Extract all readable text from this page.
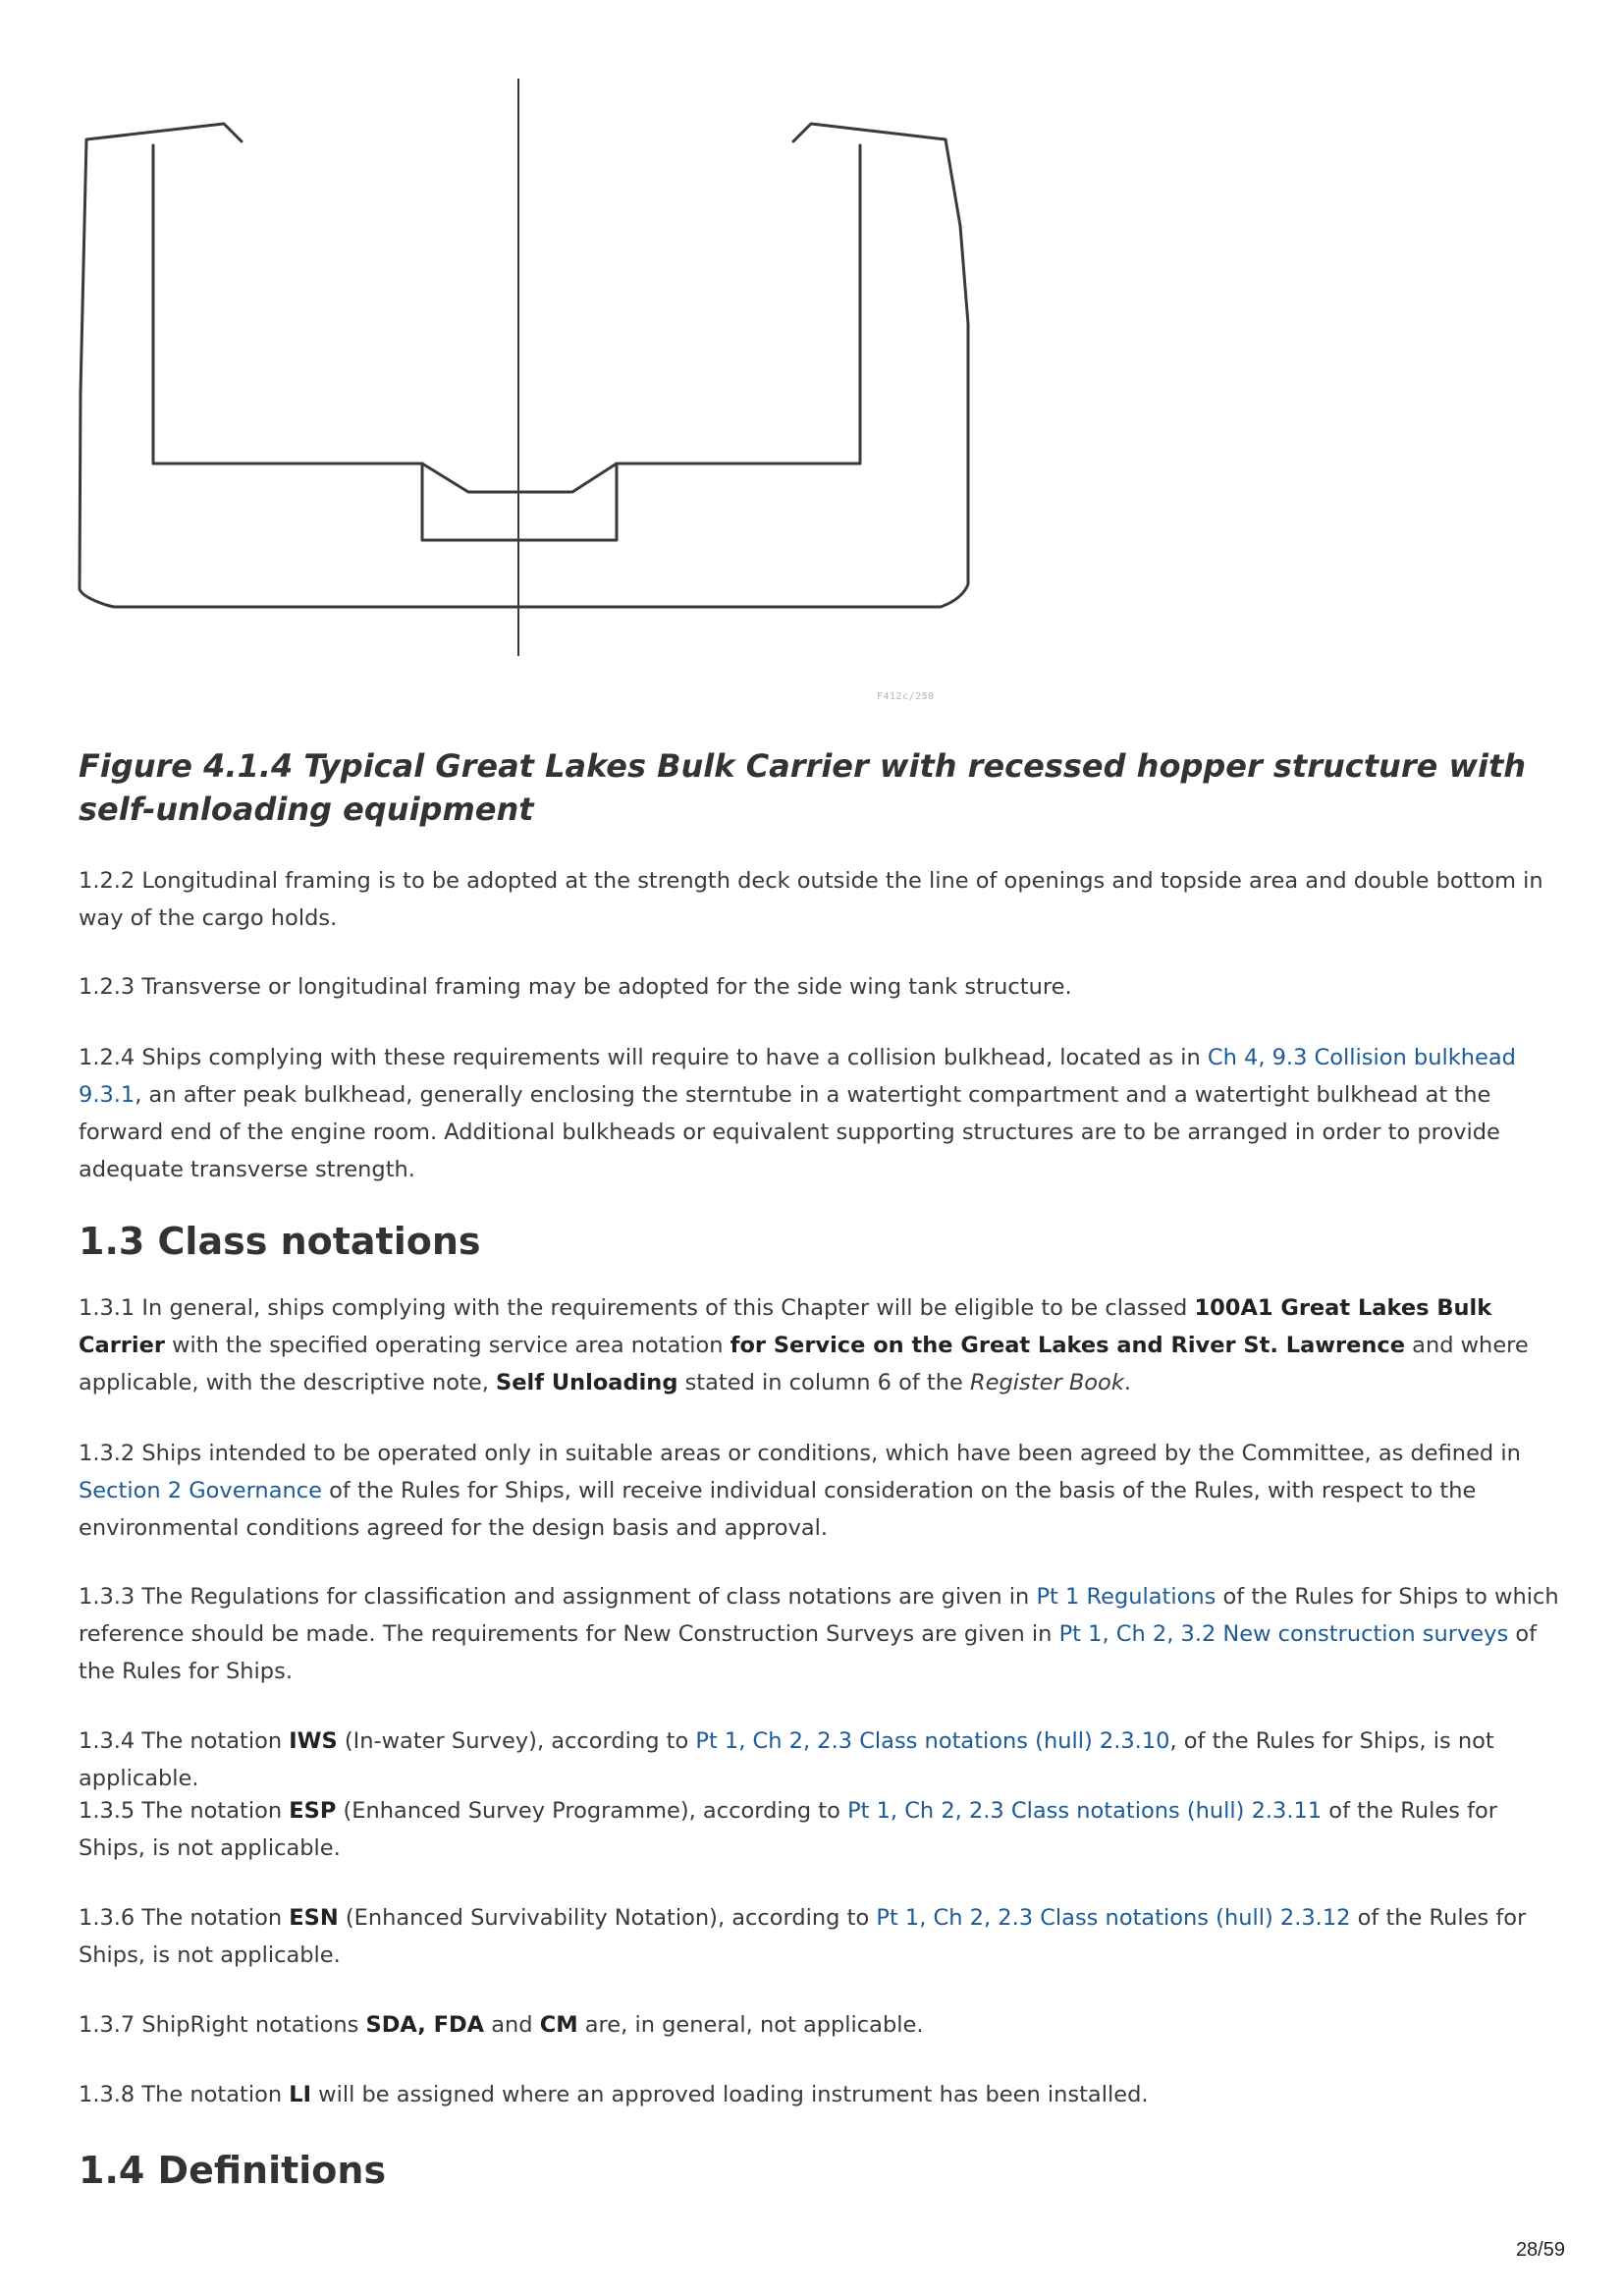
F412c/250
Figure 4.1.4 Typical Great Lakes Bulk Carrier with recessed hopper structure with self-unloading equipment

1.2.2 Longitudinal framing is to be adopted at the strength deck outside the line of openings and topside area and double bottom in way of the cargo holds.

1.2.3 Transverse or longitudinal framing may be adopted for the side wing tank structure.

1.2.4 Ships complying with these requirements will require to have a collision bulkhead, located as in Ch 4, 9.3 Collision bulkhead 9.3.1, an after peak bulkhead, generally enclosing the sterntube in a watertight compartment and a watertight bulkhead at the forward end of the engine room. Additional bulkheads or equivalent supporting structures are to be arranged in order to provide adequate transverse strength.

1.3 Class notations

1.3.1 In general, ships complying with the requirements of this Chapter will be eligible to be classed 100A1 Great Lakes Bulk Carrier with the specified operating service area notation for Service on the Great Lakes and River St. Lawrence and where applicable, with the descriptive note, Self Unloading stated in column 6 of the Register Book.

1.3.2 Ships intended to be operated only in suitable areas or conditions, which have been agreed by the Committee, as defined in Section 2 Governance of the Rules for Ships, will receive individual consideration on the basis of the Rules, with respect to the environmental conditions agreed for the design basis and approval.

1.3.3 The Regulations for classification and assignment of class notations are given in Pt 1 Regulations of the Rules for Ships to which reference should be made. The requirements for New Construction Surveys are given in Pt 1, Ch 2, 3.2 New construction surveys of the Rules for Ships.

1.3.4 The notation IWS (In-water Survey), according to Pt 1, Ch 2, 2.3 Class notations (hull) 2.3.10, of the Rules for Ships, is not applicable.

1.3.5 The notation ESP (Enhanced Survey Programme), according to Pt 1, Ch 2, 2.3 Class notations (hull) 2.3.11 of the Rules for Ships, is not applicable.

1.3.6 The notation ESN (Enhanced Survivability Notation), according to Pt 1, Ch 2, 2.3 Class notations (hull) 2.3.12 of the Rules for Ships, is not applicable.

1.3.7 ShipRight notations SDA, FDA and CM are, in general, not applicable.

1.3.8 The notation LI will be assigned where an approved loading instrument has been installed.

1.4 Definitions
28/59
